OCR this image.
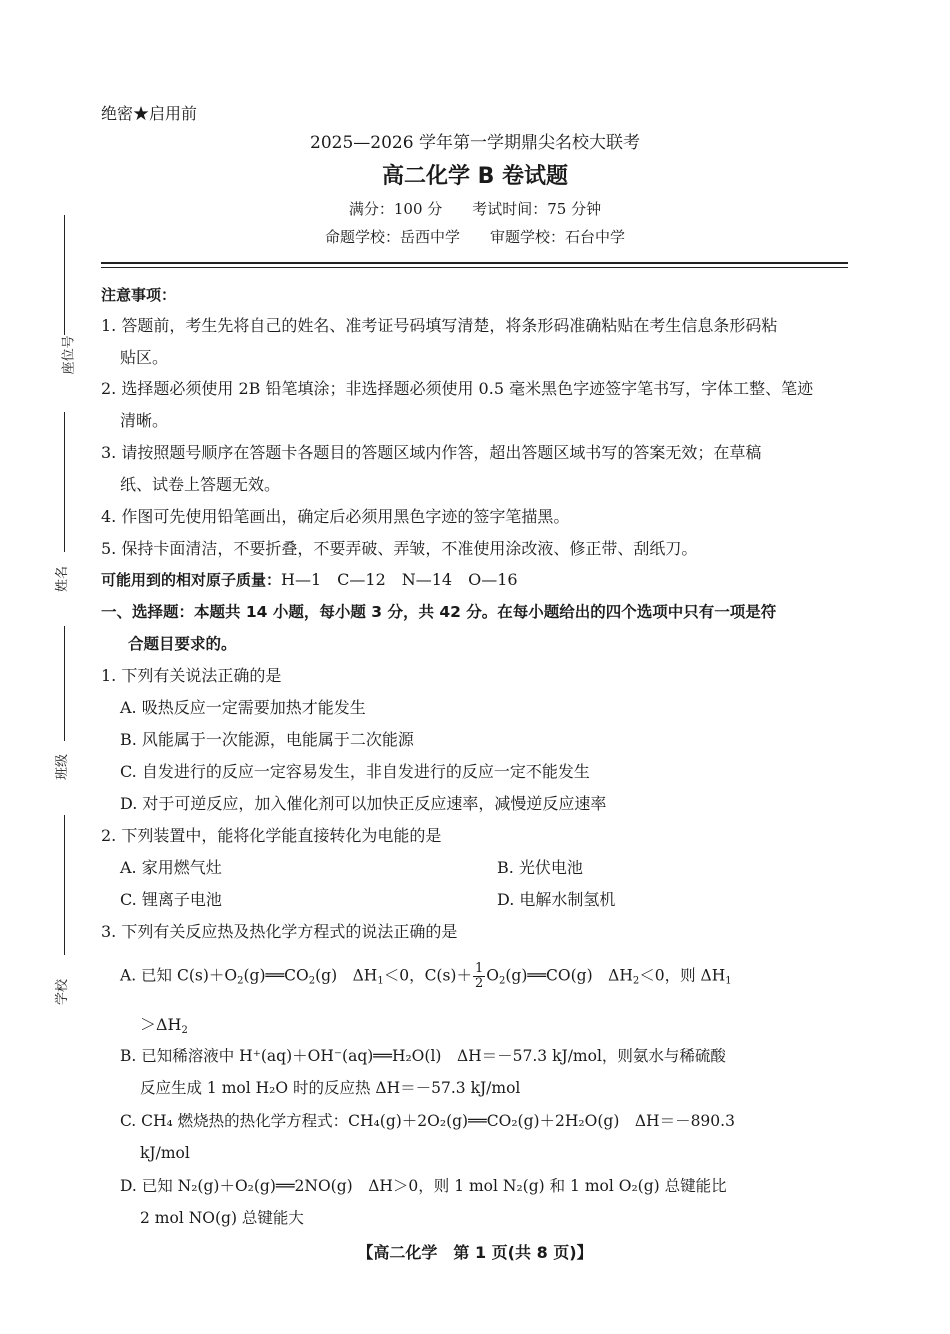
座位号
姓名
班级
学校
绝密★启用前
2025—2026 学年第一学期鼎尖名校大联考
高二化学 B 卷试题
满分：100 分　　考试时间：75 分钟
命题学校：岳西中学　　审题学校：石台中学
注意事项：
1. 答题前，考生先将自己的姓名、准考证号码填写清楚，将条形码准确粘贴在考生信息条形码粘
贴区。
2. 选择题必须使用 2B 铅笔填涂；非选择题必须使用 0.5 毫米黑色字迹签字笔书写，字体工整、笔迹
清晰。
3. 请按照题号顺序在答题卡各题目的答题区域内作答，超出答题区域书写的答案无效；在草稿
纸、试卷上答题无效。
4. 作图可先使用铅笔画出，确定后必须用黑色字迹的签字笔描黑。
5. 保持卡面清洁，不要折叠，不要弄破、弄皱，不准使用涂改液、修正带、刮纸刀。
可能用到的相对原子质量：H—1　C—12　N—14　O—16
一、选择题：本题共 14 小题，每小题 3 分，共 42 分。在每小题给出的四个选项中只有一项是符
合题目要求的。
1. 下列有关说法正确的是
A. 吸热反应一定需要加热才能发生
B. 风能属于一次能源，电能属于二次能源
C. 自发进行的反应一定容易发生，非自发进行的反应一定不能发生
D. 对于可逆反应，加入催化剂可以加快正反应速率，减慢逆反应速率
2. 下列装置中，能将化学能直接转化为电能的是
A. 家用燃气灶	B. 光伏电池
C. 锂离子电池	D. 电解水制氢机
3. 下列有关反应热及热化学方程式的说法正确的是
A. 已知 $C(s)+O_2(g)══CO_2(g)$　$\Delta H_1<0$，$C(s)+ \frac{1}{2}$ $O_2(g)══CO(g)$　$\Delta H_2<0$，则 $\Delta H_1$
$>\Delta H_2$
B. 已知稀溶液中 H⁺(aq)＋OH⁻(aq)══H₂O(l)　ΔH＝－57.3 kJ/mol，则氨水与稀硫酸
反应生成 1 mol H₂O 时的反应热 ΔH＝－57.3 kJ/mol
C. CH₄ 燃烧热的热化学方程式：CH₄(g)＋2O₂(g)══CO₂(g)＋2H₂O(g)　ΔH＝－890.3
kJ/mol
D. 已知 N₂(g)＋O₂(g)══2NO(g)　ΔH＞0，则 1 mol N₂(g) 和 1 mol O₂(g) 总键能比
2 mol NO(g) 总键能大
【高二化学　第 1 页(共 8 页)】
